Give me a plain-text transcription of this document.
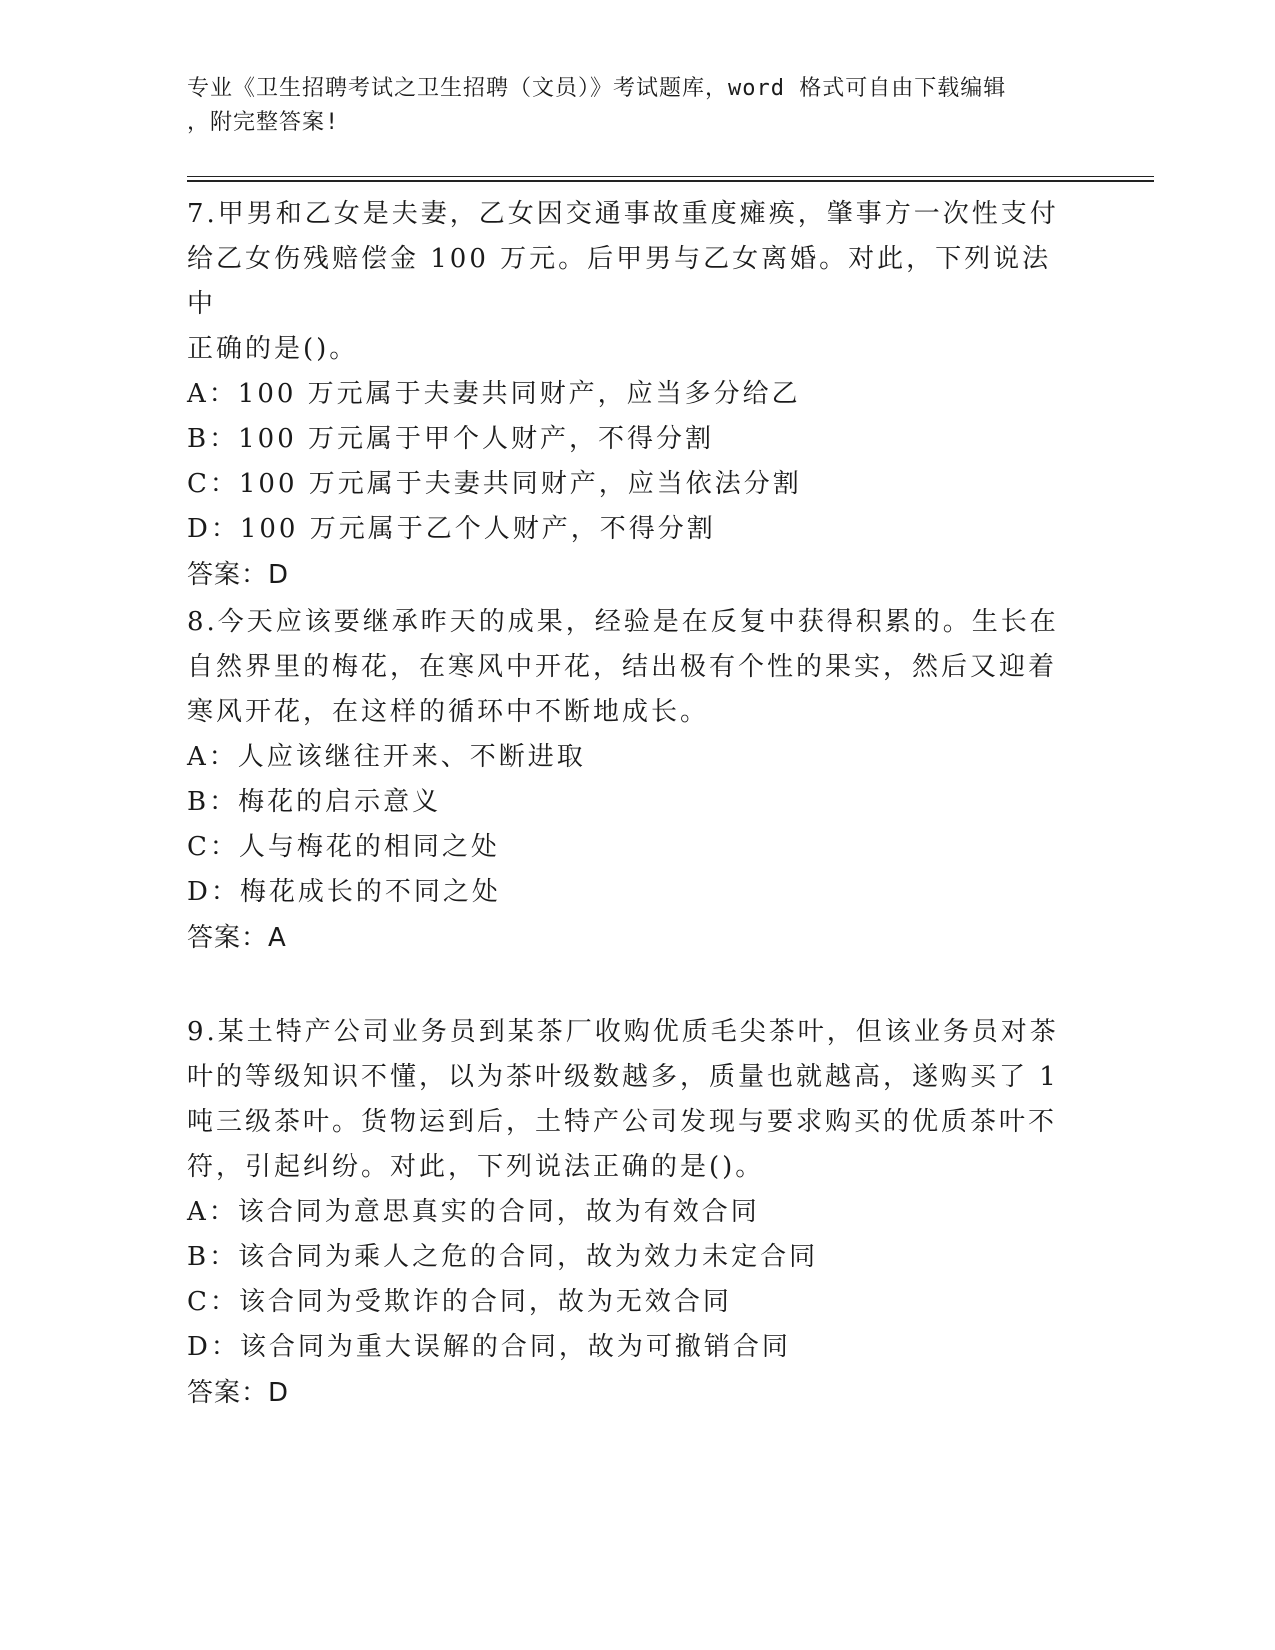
专业《卫生招聘考试之卫生招聘（文员）》考试题库，word 格式可自由下载编辑
，附完整答案!

7.甲男和乙女是夫妻，乙女因交通事故重度瘫痪，肇事方一次性支付

给乙女伤残赔偿金 100 万元。后甲男与乙女离婚。对此，下列说法中

正确的是()。

A：100 万元属于夫妻共同财产，应当多分给乙

B：100 万元属于甲个人财产，不得分割

C：100 万元属于夫妻共同财产，应当依法分割

D：100 万元属于乙个人财产，不得分割

答案：D

8.今天应该要继承昨天的成果，经验是在反复中获得积累的。生长在

自然界里的梅花，在寒风中开花，结出极有个性的果实，然后又迎着

寒风开花，在这样的循环中不断地成长。

A：人应该继往开来、不断进取

B：梅花的启示意义

C：人与梅花的相同之处

D：梅花成长的不同之处

答案：A

9.某土特产公司业务员到某茶厂收购优质毛尖茶叶，但该业务员对茶

叶的等级知识不懂，以为茶叶级数越多，质量也就越高，遂购买了 1

吨三级茶叶。货物运到后，土特产公司发现与要求购买的优质茶叶不

符，引起纠纷。对此，下列说法正确的是()。

A：该合同为意思真实的合同，故为有效合同

B：该合同为乘人之危的合同，故为效力未定合同

C：该合同为受欺诈的合同，故为无效合同

D：该合同为重大误解的合同，故为可撤销合同

答案：D
